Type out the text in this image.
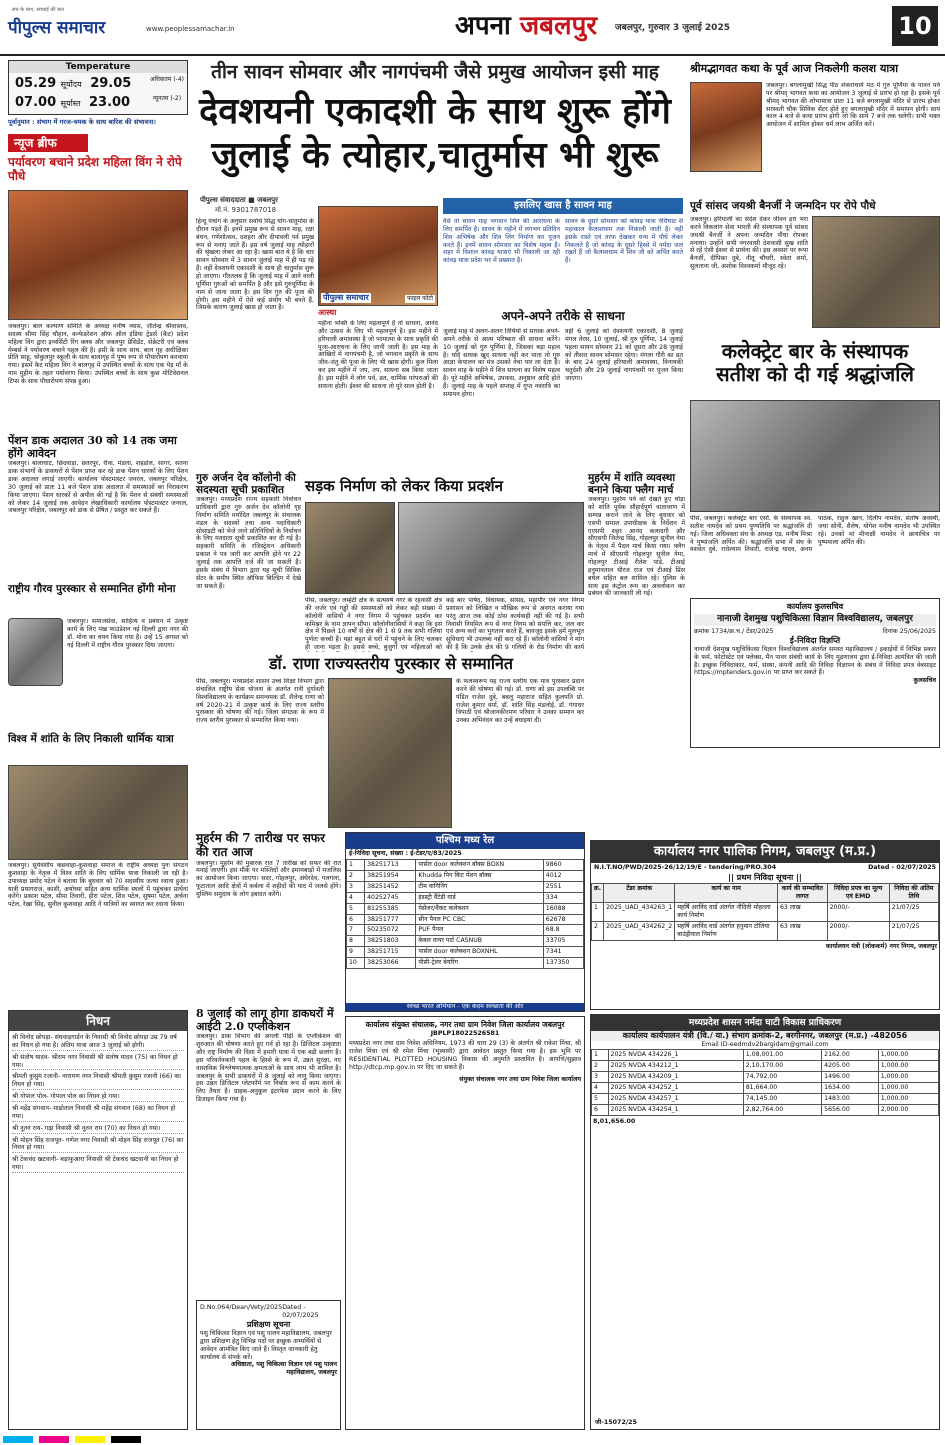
सच के साथ, सच्चाई की बात
पीपुल्स समाचार	www.peoplessamachar.in	अपना जबलपुर जबलपुर, गुरुवार 3 जुलाई 2025	10
Temperature
05.29 सूर्योदय 29.05	अधिकतम (-4)
07.00 सूर्यास्त 23.00	न्यूनतम (-2)
पूर्वानुमान : संभाग में गरज-चमक के साथ बारिश की संभावना।
न्यूज ब्रीफ
पर्यावरण बचाने प्रदेश महिला विंग ने रोपे पौधे

जबलपुर। बाल कल्याण समिति के अध्यक्ष मनीष व्यास, जीतेन्द्र श्रीवास्तव, सदस्य सीमा सिंह चौहान, कन्फेडरेशन ऑफ ऑल इंडिया ट्रेडर्स (कैट) प्रदेश महिला विंग द्वारा इन्वर्सिटी रिंग क्लब और जबलपुर प्रेसिडेंट, सेक्रेटरी एवं क्लब मेम्बर्स ने पर्यावरण बचाने पहल की है। इसी के साथ साथ. बाल गृह अधीक्षिका प्रीति साहू, चोकुलपुर स्कूली के साथ बालागृह में पुष्प रूप से पौधारोपण करवाया गया। इसमें कैट महिला विंग ने बालगृह में उपस्थित बच्चों के साथ एक पेड़ माँ के नाम मुहीम के तहत पर्यावरण किया। उपस्थित बच्चों के साथ कुछ मोटिवेशनल टिप्स के साथ पौधारोपण संपन्न हुआ।

पेंशन डाक अदालत 30 को 14 तक जमा होंगे आवेदन

जबलपुर। बालाघाट, छिंदवाड़ा, छतरपुर, रीवा, मंडला, शहडोल, सागर, सतना डाक संभागों के डाकघरों से पेंशन प्राप्त कर रहे डाक पेंशन धारकों के लिए पेंशन डाक अदालत लगाई जाएगी। कार्यालय पोस्टमास्टर जनरल, जबलपुर परिक्षेत्र, 30 जुलाई को प्रातः 11 बजे पेंशन डाक अदालत में समस्याओं का निराकरण किया जाएगा। पेंशन धारकों से अपील की गई है कि पेंशन से संबंधी समस्याओं को लेकर 14 जुलाई तक आवेदन लेखाधिकारी कार्यालय पोस्टमास्टर जनरल, जबलपुर परिक्षेत्र, जबलपुर को डाक से प्रेषित / प्रस्तुत कर सकते हैं।

राष्ट्रीय गौरव पुरस्कार से सम्मानित होंगी मोना

जबलपुर। समाजसेवा, साहित्य व प्रबंधन में उत्कृष्ट कार्य के लिए पंख फाउंडेशन नई दिल्ली द्वारा नगर की डॉ. मोना का चयन किया गया है। उन्हें 15 अगस्त को नई दिल्ली में राष्ट्रीय गौरव पुरस्कार दिया जाएगा।

विश्व में शांति के लिए निकाली धार्मिक यात्रा

जबलपुर। सूर्यवंशीय कछवाहा-कुशवाहा समाज के राष्ट्रीय अध्यक्ष पुनः संगठन कुशवाहा के नेतृत्व में विश्व शांति के लिए धार्मिक यात्रा निकाली जा रही है। उपाध्यक्ष प्रमोद पटेल ने बताया कि बुधवार को 70 सदस्यीय जत्था रवाना हुआ। यात्री प्रयागराज, काशी, अयोध्या सहित अन्य धार्मिक स्थलों में पहुंचकर प्रार्थना करेंगे। प्रकाश पटेल, सीमा तिवारी, हीरा पटेल, शिव पटेल, सुषमा पटेल, अर्चना पटेल, रेखा सिंह, सुनील कुशवाहा आदि ने यात्रियों का स्वागत कर रवाना किया।

निधन

श्री विनोद छोपड़ा- संघवाड़गार्डन के निवासी श्री विनोद छोपड़ा उम्र 79 वर्ष का निधन हो गया है। अंतिम यात्रा आज 3 जुलाई को होगी।

श्री संतोष यादव- श्रीराम नगर निवासी श्री संतोष यादव (75) का निधन हो गया।

श्रीमती कुसुम रजानी- नारायण नगर निवासी श्रीमती कुसुम रजानी (66) का निधन हो गया।

श्री गोपाल पोल- गोपाल पोल का निधन हो गया।

श्री महेंद्र संगवान- माढोताल निवासी श्री महेंद्र संगवान (68) का निधन हो गया।

श्री नूतन राय- गढ़ा निवासी श्री नूतन राय (70) का निधन हो गया।

श्री मोहन सिंह राजपूत- गणेश नगर निवासी श्री मोहन सिंह राजपूत (76) का निधन हो गया।

श्री टेकचंद खटवानी- बड़ाफुआरा निवासी श्री टेकचंद खटवानी का निधन हो गया।

तीन सावन सोमवार और नागपंचमी जैसे प्रमुख आयोजन इसी माह
देवशयनी एकादशी के साथ शुरू होंगे
जुलाई के त्योहार,चातुर्मास भी शुरू
पीपुल्स संवाददाता ■ जबलपुर
मो.नं. 9301787018

हिन्दू पंचांग के अनुसार सर्वार्थ सिद्ध योग-चातुर्मास के दौरान पड़ते हैं। इनमें प्रमुख रूप से सावन माह, रक्षा बंधन, गणेशोत्सव, दशहरा और दीपावली पर्व प्रमुख रूप से मनाए जाते हैं। इस वर्ष जुलाई माह त्योहारों की श्रृंखला लेकर आ रहा है। खास बात ये है कि चार सावन सोमवार में 3 सावन जुलाई माह में ही पड़ रहे हैं। वहीं देवशयनी एकादशी के साथ ही चातुर्मास शुरू हो जाएगा। गौरतलब है कि जुलाई माह में आने वाली पूर्णिमा गुरुओं को समर्पित है और इसे गुरुपूर्णिमा के नाम से जाना जाता है। इस दिन गुरु की पूजा की होगी। इस महीने में ऐसे कई संयोग भी बनते हैं, जिसके कारण जुलाई खास हो जाता है।

पीपुल्स समाचार	फाइल फोटो
आस्था

महीना भक्ति के लिए महत्वपूर्ण है तो साधना, आनंद और उत्सव के लिए भी महत्वपूर्ण है। इस महीने में हरियाली अमावस्या है जो परमात्मा के साथ प्रकृति की पूजा-आराधना के लिए जानी जाती है। इस माह के आखिरों में नागपंचमी है, जो भगवान प्रकृति के साथ जीव-जंतु की पूजा के लिए भी खास होगी। कुल मिला कर इस महीने में जप, तप, साधना सब किया जाता है। इस महीने में लोग पर्व, व्रत, धार्मिक परंपराओं की साधना होती। ईश्वर की साधना तो पूरे साल होती है।

इसलिए खास है सावन माह

वैसे तो सावन माह भगवान शिव की आराधना के लिए समर्पित है। सावन के महीने में लगभग प्रतिदिन शिव अभिषेक और शिव लिंग निर्माण कर पूजन करते हैं। इनमें सावन सोमवार का विशेष महत्व है। शहर में विशाल कांवड़ यात्राएं भी निकाली जा रही कांवड़ यात्रा प्रदेश भर में प्रख्यात है।

सावन के दूसरे सोमवार को कांवड़ यात्रा नीरीघाट से महाकाल कैलाशधाम तक निकाली जाती है। वहीं इसके रास्ते एवं तरफ देखकर धन्य में पौधे लेकर निकलते है जो कांवड़ के दूसरे हिस्से में नर्मदा जल रखते हैं जो कैलाशधाम में शिव जी को अर्पित करते हैं।

अपने-अपने तरीके से साधना

जुलाई माह में अलग-अलग तिथियों से साधक अपने-अपने तरीके से आत्म परिष्कार की साधना करेंगे। 10 जुलाई को गुरु पूर्णिमा है, जिसका बड़ा महत्व है। यदि साधक खुद साधना नहीं कर पाता तो गुरु आज्ञा केपालन का मंत्र उसको नेचा पार ला देता है। सावन माह के महीने में शिव साधना का विशेष महत्व है। पूरे महीने अभिषेक, उपवास, अनुष्ठान आदि होते हैं। जुलाई माह के पहले सप्ताह में गुप्त नवरात्रि का समापन होगा।

वहीं 6 जुलाई को देवशयनी एकादशी, 8 जुलाई मंगल तेरस, 10 जुलाई, श्री गुरु पूर्णिमा, 14 जुलाई पहला सावन सोमवार 21 को दूसरा और 28 जुलाई को तीसरा सावन सोमवार रहेगा। मंगला गौरी का व्रत के बाद 24 जुलाई हरियाली अमावस्या, विनायकी चतुर्दशी और 29 जुलाई नागपंचमी पर पूजन किया जाएगा।

श्रीमद्भागवत कथा के पूर्व आज निकलेगी कलश यात्रा

जबलपुर। बगलामुखी सिद्ध पीठ शंकराचार्य मठ में गुरु पूर्णिमा के पावन पर्व पर श्रीमद् भागवत कथा का आयोजन 3 जुलाई से प्रारंभ हो रहा है। इसके पूर्व श्रीमद् भागवत की शोभायात्रा प्रातः 11 बजे बगलामुखी मंदिर से प्रारंभ होकर सरस्वती चौक सिविक सेंटर होते हुए बगलामुखी मंदिर में समापन होगी। सायं काल 4 बजे से कथा प्रारंभ होगी जो कि सायं 7 बजे तक चलेगी। सभी भक्त आयोजन में शामिल होकर धर्म लाभ अर्जित करें।

पूर्व सांसद जयश्री बैनर्जी ने जन्मदिन पर रोपे पौधे

जबलपुर। हरियाली का संदेश देकर जीवन हरा भरा करने विकलांग सेवा भारती की संस्थापक पूर्व सांसद जयश्री बैनर्जी ने अपना जन्मदिन पौधा रोपकर मनाया। उन्होंने सभी नगरवासी देशवासी सुख शांति से रहें ऐसी ईश्वर से प्रार्थना की। इस अवसर पर रूपा बैनर्जी, दीपिका दुबे, नीतू चौधरी, स्वेता शर्मा, सुलताना जी, अशोक विश्वकर्मा मौजूद रहे।

कलेक्ट्रेट बार के संस्थापक
सतीश को दी गई श्रद्धांजलि

पीसं, जबलपुर। कलेक्ट्रेट बार एसो. के संस्थापक स्व. सतीश नामदेव को प्रथम पुण्यतिथि पर श्रद्धांजलि दी गई। जिला अधिवक्ता संघ के अध्यक्ष एड. मनीष मिश्रा ने पुष्पांजलि अर्पित की। श्रद्धांजलि सभा में संघ के यशवंत दुबे, राधेश्याम तिवारी, राजेन्द्र यादव, अनय पाठक, राहुल खान, दिलीप नामदेव, संतोष अवस्थी, जया सोनी, शैलेष, योगेश मनीष नामदेव भी उपस्थित रहे। उनको मां मीनाक्षी नामदेव ने छायाचित्र पर पुष्पमाला अर्पित की।

कार्यालय कुलसचिव
नानाजी देशमुख पशुचिकित्सा विज्ञान विश्वविद्यालय, जबलपुर
क्रमांक 1734/क्र.च./ टेंडर/2025	दिनांक 25/06/2025
ई-निविदा विज्ञप्ति

नानाजी देशमुख पशुचिकित्सा विज्ञान विश्वविद्यालय अंतर्गत समस्त महाविद्यालय / इकाईयों में विभिन्न प्रकार के फर्म, फोटोस्टेट एवं फ्लेक्स, मैन पावर संबंधी कार्य के लिए मुद्रणालय द्वारा ई-निविदा आमंत्रित की जाती है। इच्छुक निविदाकार, फर्म, संस्था, कंपनी आदि की निविदा विज्ञापन के संबंध में निविदा प्रपत्र वेबसाइट https://mptenders.gov.in पर प्राप्त कर सकते हैं।

कुलसचिव
गुरु अर्जन देव कॉलोनी की सदस्यता सूची प्रकाशित

जबलपुर। मध्यप्रदेश राज्य सहकारी निर्वाचन प्राधिकारी द्वारा गुरु अर्जन देव कॉलोनी गृह निर्माण समिति मर्यादित जबलपुर के संचालक मंडल के सदस्यों तथा अन्य पदाधिकारी सोसाइटी को भेजे जाने प्रतिनिधियों के निर्वाचन के लिए मतदाता सूची प्रकाशित कर दी गई है। सहकारी समिति के रजिस्ट्रेशन अधिकारी प्रकाश ने पत्र जारी कर आपत्ति होने पर 22 जुलाई तक आपत्ति दर्ज की जा सकती हैं। इसके संबंध में विभाग द्वारा यह सूची सिविक सेंटर के समीप स्थित ऑफिस बिल्डिंग में देखे जा सकते हैं।

सड़क निर्माण को लेकर किया प्रदर्शन

पीसं, जबलपुर। लम्हेटी क्षेत्र के सत्यवर्ष नगर के रहवासी क्षेत्र की जर्जर एवं गड्ढों की समस्याओं को लेकर बड़ी संख्या में कॉलोनी वासियों ने नगर निगम में पहुंचकर प्रदर्शन कर कमिश्नर के नाम ज्ञापन सौंपा। कॉलोनीवासियों ने कहा कि इस क्षेत्र में पिछले 10 वर्षों से क्षेत्र की 1 से 9 तक सभी गलियां पुर्णतः कच्ची हैं। यहां बहुत से घरों में पहुंचने के लिए चलकर ही जाना पड़ता है। इससे बच्चे, बुजुर्गों एवं महिलाओं को

कई बार पार्षद, विधायक, सांसद, महापौर एवं नगर निगम प्रशासन को लिखित व मौखिक रूप से अवगत कराया गया परंतु आज तक कोई ठोस कार्यवाही नहीं की गई है। सभी निवासी नियमित रूप से नगर निगम को संपत्ति कर, जल कर एवं अन्य करों का भुगतान करते हैं, बावजूद इसके हमें मूलभूत सुविधाएं भी उपलब्ध नहीं करा रहे हैं। कॉलोनी वासियों ने मांग की है कि उनके क्षेत्र की 9 गलियों के रोड निर्माण की कार्य

मुहर्रम में शांति व्यवस्था बनाने किया फ्लैग मार्च

जबलपुर। मुहर्रम पर्व को देखते हुए थोड़ा को शांति पूर्वक सौहार्दपूर्ण वातावरण में सम्पन्न कराने जाने के लिए बुधवार को एसपी समस्त उपाधीक्षक के निर्देशन में एएसपी शहर आनंद कलादगी और सीएसपी जितेन्द्र सिंह, गोहलपुर सुनील नेमा के नेतृत्व में पैदल मार्च किया गया। फ्लैग मार्च में सीएसपी गोहलपुर सुनील नेमा, गोहलपुर टीआई रीतेश पांडे, टीआई हनुमानताल धीरज राज एवं टीआई प्रिंस बघेल सहित बल शामिल रहे। पुलिस के साथ इस कंट्रोल रूम का अवलोकन कर प्रबंधन की जानकारी ली गई।

डॉ. राणा राज्यस्तरीय पुरस्कार से सम्मानित

पीसं, जबलपुर। मध्यप्रदेश शासन उच्च शिक्षा विभाग द्वारा संचालित राष्ट्रीय सेवा योजना के अंतर्गत रानी दुर्गावती विश्वविद्यालय के कार्यक्रम समन्वयक डॉ. शैलेन्द्र राणा को वर्ष 2020-21 में उत्कृष्ट कार्य के लिए राज्य स्तरीय पुरस्कार की घोषणा की गई। जिला संगठक के रूप में राज्य स्तरीय पुरस्कार से सम्मानित किया गया।

के फलस्वरूप यह राज्य स्तरीय एक मात्र पुरस्कार प्रदान करने की घोषणा की गई। डॉ. राणा को इस उपलब्धि पर पंडित राजेश दुबे, बबलू महाराज सहित कुलपति प्रो. राजेश कुमार वर्मा, डॉ. शांति सिंह मंडलोई, डॉ. गंगाधर त्रिपाठी एवं श्रीजानकीरमण परिवार ने उनका सम्मान कर उनका अभिनंदन कर उन्हें बधाइयां दी।

मुहर्रम की 7 तारीख पर सफर की रात आज

जबलपुर। मुहर्रम की मुबारक रात 7 तारीख को सफर की रात मनाई जाएगी। इस मौके पर मस्जिदों और इमामबाड़ों में मजलिस का आयोजन किया जाएगा। सदर, गोहलपुर, अंधेरदेव, गलगला, फूटाताल आदि क्षेत्रों में कर्बला में शहीदों की याद में जलसे होंगे। मुस्लिम समुदाय के लोग इबादत करेंगे।

8 जुलाई को लागू होगा डाकघरों में आईटी 2.0 एप्लीकेशन

जबलपुर। डाक विभाग की अगली पीढ़ी के एप्लीकेशन की शुरुआत की घोषणा करते हुए गर्व हो रहा है। डिजिटल उत्कृष्टता और राष्ट्र निर्माण की दिशा में हमारी यात्रा में एक बड़ी छलांग है। इस परिवर्तनकारी पहल के हिस्से के रूप में, उन्नत सुरक्षा, नए वास्तविक विश्लेषणात्मक क्षमताओं के साथ लाभ भी शामिल है। जबलपुर के सभी डाकघरों में 8 जुलाई को लागू किया जाएगा। इस उन्नत डिजिटल प्लेटफॉर्म पर निर्बाध रूप से काम करने के लिए तैयार है। ग्राहक-अनुकूल इंटरफेस प्रदान करने के लिए डिजाइन किया गया है।

D.No.064/Dean/Vety/2025 Dated - 02/07/2025
प्रशिक्षण सूचना

पशु चिकित्सा विज्ञान एवं पशु पालन महाविद्यालय, जबलपुर द्वारा प्रशिक्षण हेतु विभिन्न पदों पर इच्छुक अभ्यर्थियों से आवेदन आमंत्रित किए जाते हैं। विस्तृत जानकारी हेतु कार्यालय से संपर्क करें।

अधिष्ठाता, पशु चिकित्सा विज्ञान एवं पशु पालन महाविद्यालय, जबलपुर
पश्चिम मध्य रेल
ई-निविदा सूचना, संख्या : ई-टेंडर/ए/83/2025
1	38251713	पार्सल door कलेक्शन बॉक्स BOXN	9860
2	38251954	Khudda पिन किट पेंशन बॉक्स	4012
3	38251452	टीम वागिनिंग	2551
4	40252745	इंडस्ट्री वैंटेडी यार्ड	334
5	81255385	पेसेंजर/वैंकट कलेक्शन	16088
6	38251777	सीन पैनल PC CBC	62678
7	50235072	PUF पैनल	68.8
8	38251803	केबल वायर पार्ट CASNUB	33705
9	38251715	पार्सल door कलेक्शन BOXNHL	7341
10	38253066	पीसी-ट्रेलर बेयरिंग	137350
स्वच्छ भारत अभियान - एक कदम स्वच्छता की ओर
कार्यालय संयुक्त संचालक, नगर तथा ग्राम निवेश जिला कार्यालय जबलपुर
JBPLP18022526581

मध्यप्रदेश नगर तथा ग्राम निवेश अधिनियम, 1973 की धारा 29 (3) के अंतर्गत श्री राकेश मिंचा, श्री राजेश मिंचा एवं श्री रमेश मिंचा (भूस्वामी) द्वारा आवेदन प्रस्तुत किया गया है। इस भूमि पर RESIDENTIAL PLOTTED HOUSING विकास की अनुमति प्रस्तावित है। आपत्ति/सुझाव http://dtcp.mp.gov.in पर दिए जा सकते हैं।

संयुक्त संचालक नगर तथा ग्राम निवेश जिला कार्यालय
कार्यालय नगर पालिक निगम, जबलपुर (म.प्र.)
N.I.T.NO/PWD/2025-26/12/19/E - tendering/PRO.304	Dated - 02/07/2025
|| प्रथम निविदा सूचना ||
क्र.	टेंडर क्रमांक	कार्य का नाम	कार्य की सम्भावित लागत	निविदा प्रपत्र का मूल्य एवं EMD	निविदा की अंतिम तिथि
1	2025_UAD_434263_1	महर्षि अरविंद वार्ड अंतर्गत नौदिवी मोहल्ला कार्य निर्माण	63 लाख	2000/-	21/07/25
2	2025_UAD_434262_2	महर्षि अरविंद वार्ड अंतर्गत हनुमान टोलिया बाउंड्रीवाल निर्माण	63 लाख	2000/-	21/07/25
कार्यालयन यंत्री (लोककर्म) नगर निगम, जबलपुर
मध्यप्रदेश शासन नर्मदा घाटी विकास प्राधिकरण
कार्यालय कार्यपालन यंत्री (वि./ या.) संभाग क्रमांक-2, बरगीनगर, जबलपुर (म.प्र.) -482056
Email ID-eedmdv2bargidam@gmail.com
1	2025 NVDA 434226_1	1,08,001.00	2162.00	1,000.00
2	2025 NVDA 434212_1	2,10,170.00	4205.00	1,000.00
3	2025 NVDA 434209_1	74,792.00	1496.00	1,000.00
4	2025 NVDA 434252_1	81,664.00	1634.00	1,000.00
5	2025 NVDA 434257_1	74,145.00	1483.00	1,000.00
6	2025 NVDA 434254_1	2,82,764.00	5656.00	2,000.00
8,01,656.00
जी-15072/25
